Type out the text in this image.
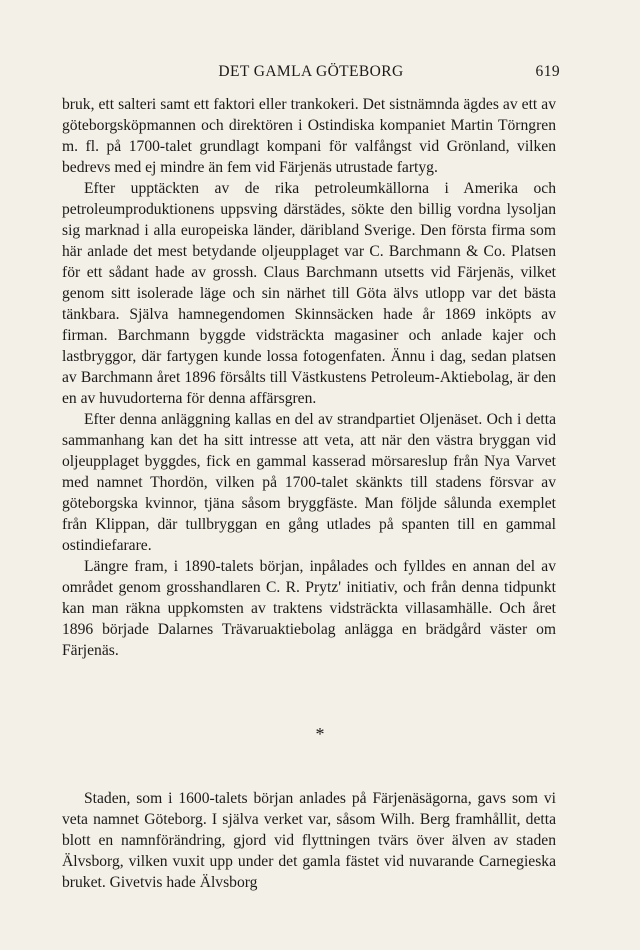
DET GAMLA GÖTEBORG	619

bruk, ett salteri samt ett faktori eller trankokeri. Det sistnämnda ägdes av ett av göteborgsköpmannen och direktören i Ostindiska kompaniet Martin Törngren m. fl. på 1700-talet grundlagt kompani för valfångst vid Grönland, vilken bedrevs med ej mindre än fem vid Färjenäs utrustade fartyg.

Efter upptäckten av de rika petroleumkällorna i Amerika och petroleumproduktionens uppsving därstädes, sökte den billig vordna lysoljan sig marknad i alla europeiska länder, däribland Sverige. Den första firma som här anlade det mest betydande oljeupplaget var C. Barchmann & Co. Platsen för ett sådant hade av grossh. Claus Barchmann utsetts vid Färjenäs, vilket genom sitt isolerade läge och sin närhet till Göta älvs utlopp var det bästa tänkbara. Själva hamnegendomen Skinnsäcken hade år 1869 inköpts av firman. Barchmann byggde vidsträckta magasiner och anlade kajer och lastbryggor, där fartygen kunde lossa fotogenfaten. Ännu i dag, sedan platsen av Barchmann året 1896 försålts till Västkustens Petroleum-Aktiebolag, är den en av huvudorterna för denna affärsgren.

Efter denna anläggning kallas en del av strandpartiet Oljenäset. Och i detta sammanhang kan det ha sitt intresse att veta, att när den västra bryggan vid oljeupplaget byggdes, fick en gammal kasserad mörsareslup från Nya Varvet med namnet Thordön, vilken på 1700-talet skänkts till stadens försvar av göteborgska kvinnor, tjäna såsom bryggfäste. Man följde sålunda exemplet från Klippan, där tullbryggan en gång utlades på spanten till en gammal ostindiefarare.

Längre fram, i 1890-talets början, inpålades och fylldes en annan del av området genom grosshandlaren C. R. Prytz' initiativ, och från denna tidpunkt kan man räkna uppkomsten av traktens vidsträckta villasamhälle. Och året 1896 började Dalarnes Trävaruaktiebolag anlägga en brädgård väster om Färjenäs.

*

Staden, som i 1600-talets början anlades på Färjenäsägorna, gavs som vi veta namnet Göteborg. I själva verket var, såsom Wilh. Berg framhållit, detta blott en namnförändring, gjord vid flyttningen tvärs över älven av staden Älvsborg, vilken vuxit upp under det gamla fästet vid nuvarande Carnegieska bruket. Givetvis hade Älvsborg
